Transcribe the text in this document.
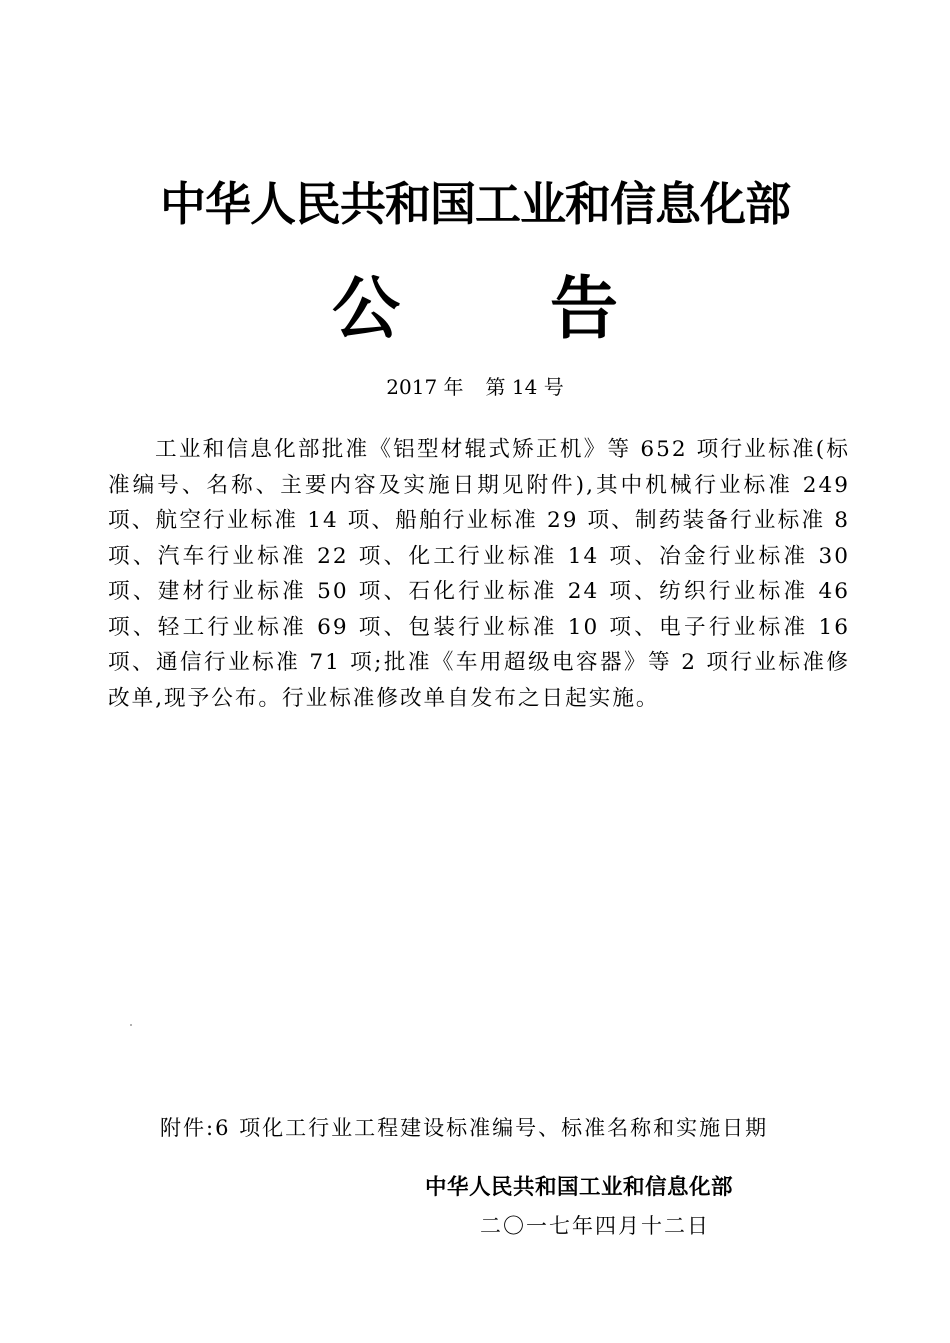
中华人民共和国工业和信息化部
公告
2017 年 第 14 号

工业和信息化部批准《铝型材辊式矫正机》等 652 项行业标准(标准编号、名称、主要内容及实施日期见附件),其中机械行业标准 249 项、航空行业标准 14 项、船舶行业标准 29 项、制药装备行业标准 8 项、汽车行业标准 22 项、化工行业标准 14 项、冶金行业标准 30 项、建材行业标准 50 项、石化行业标准 24 项、纺织行业标准 46 项、轻工行业标准 69 项、包装行业标准 10 项、电子行业标准 16 项、通信行业标准 71 项;批准《车用超级电容器》等 2 项行业标准修改单,现予公布。行业标准修改单自发布之日起实施。

附件:6 项化工行业工程建设标准编号、标准名称和实施日期
中华人民共和国工业和信息化部
二〇一七年四月十二日
